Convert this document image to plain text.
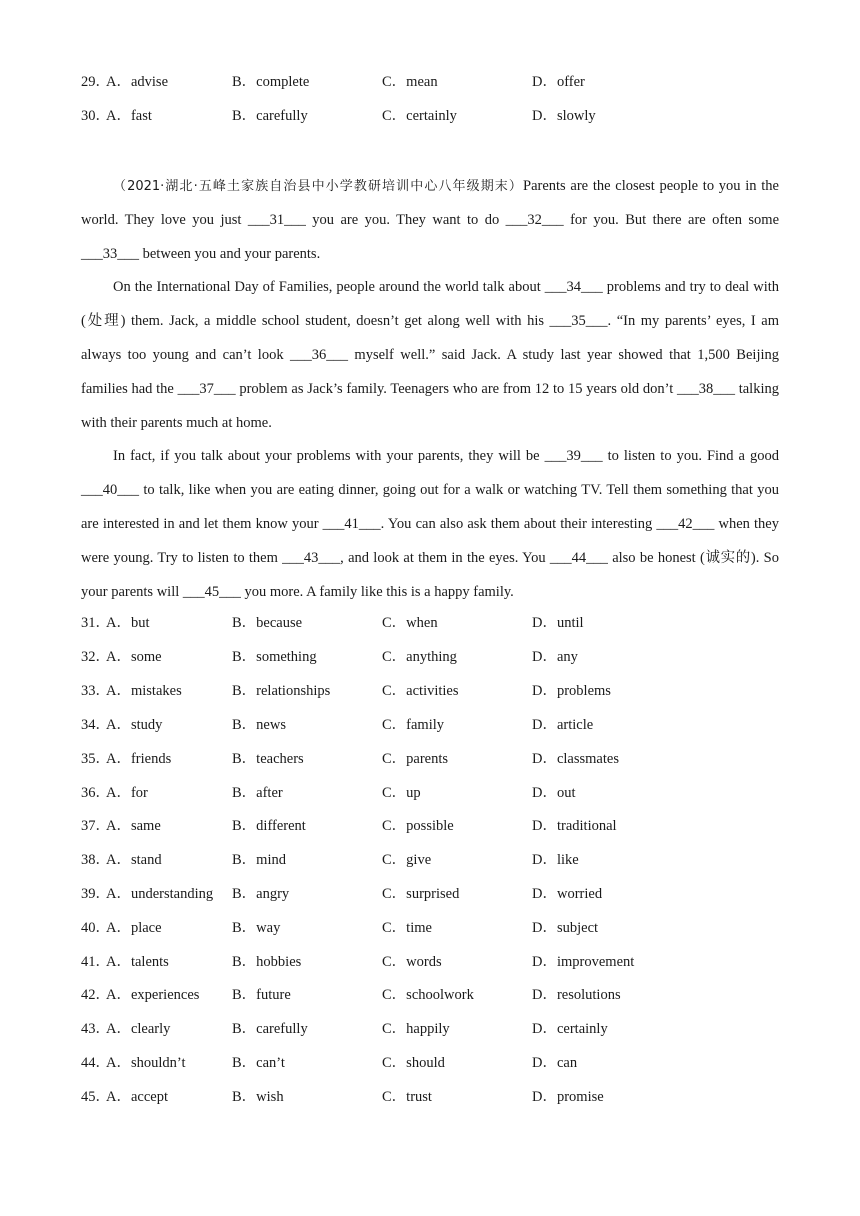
29．
A．advise	B．complete	C．mean	D．offer
30．
A．fast	B．carefully	C．certainly	D．slowly

（2021·湖北·五峰土家族自治县中小学教研培训中心八年级期末）Parents are the closest people to you in the world. They love you just ___31___ you are you. They want to do ___32___ for you. But there are often some ___33___ between you and your parents.

On the International Day of Families, people around the world talk about ___34___ problems and try to deal with (处理) them. Jack, a middle school student, doesn’t get along well with his ___35___. “In my parents’ eyes, I am always too young and can’t look ___36___ myself well.” said Jack. A study last year showed that 1,500 Beijing families had the ___37___ problem as Jack’s family. Teenagers who are from 12 to 15 years old don’t ___38___ talking with their parents much at home.

In fact, if you talk about your problems with your parents, they will be ___39___ to listen to you. Find a good ___40___ to talk, like when you are eating dinner, going out for a walk or watching TV. Tell them something that you are interested in and let them know your ___41___. You can also ask them about their interesting ___42___ when they were young. Try to listen to them ___43___, and look at them in the eyes. You ___44___ also be honest (诚实的). So your parents will ___45___ you more. A family like this is a happy family.

31．
A．but	B．because	C．when	D．until
32．
A．some	B．something	C．anything	D．any
33．
A．mistakes	B．relationships	C．activities	D．problems
34．
A．study	B．news	C．family	D．article
35．
A．friends	B．teachers	C．parents	D．classmates
36．
A．for	B．after	C．up	D．out
37．
A．same	B．different	C．possible	D．traditional
38．
A．stand	B．mind	C．give	D．like
39．
A．understanding B．angry	C．surprised	D．worried
40．
A．place	B．way	C．time	D．subject
41．
A．talents	B．hobbies	C．words	D．improvement
42．
A．experiences B．future	C．schoolwork	D．resolutions
43．
A．clearly	B．carefully	C．happily	D．certainly
44．
A．shouldn’t	B．can’t	C．should	D．can
45．
A．accept	B．wish	C．trust	D．promise
